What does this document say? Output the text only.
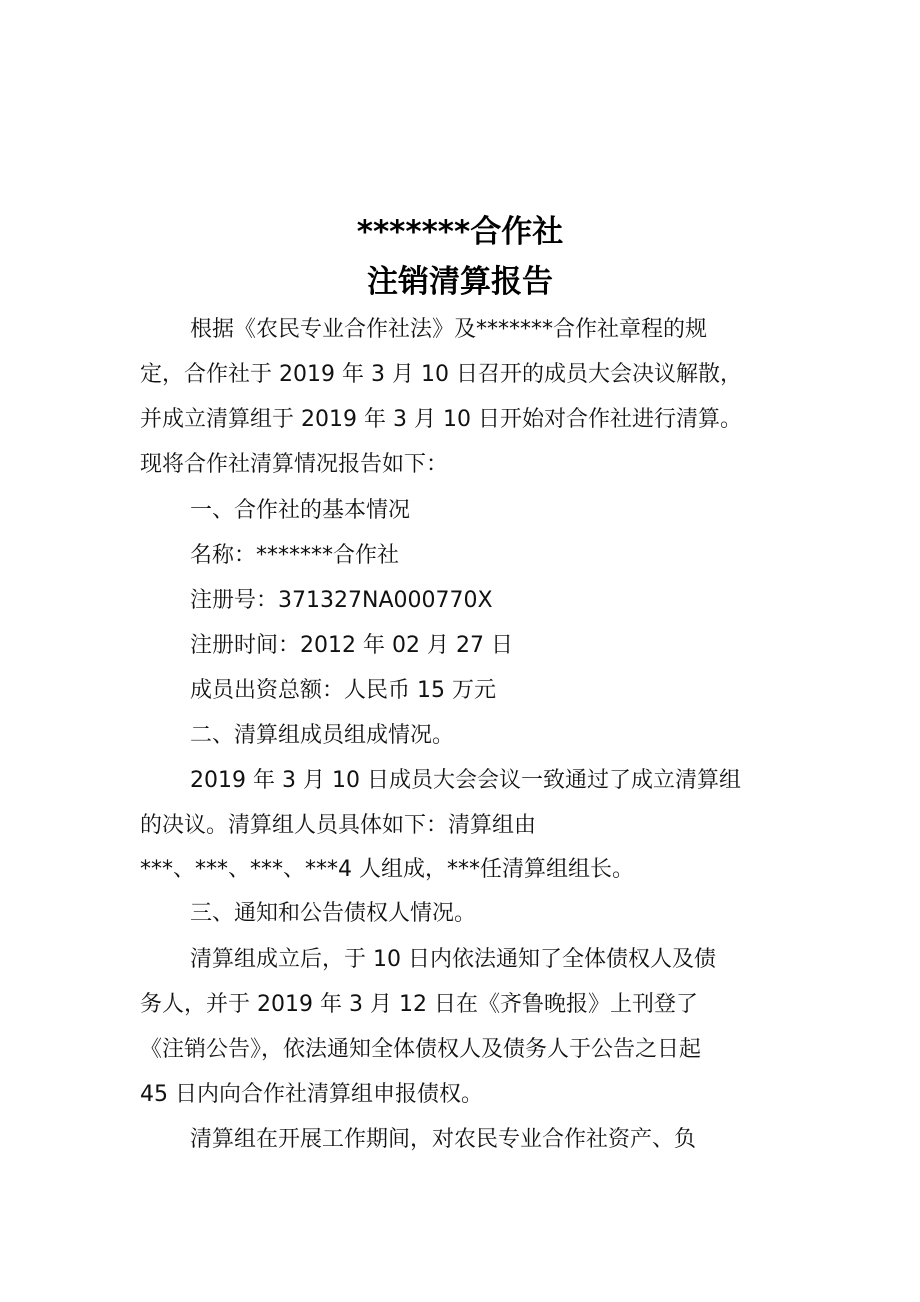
*******合作社
注销清算报告
根据《农民专业合作社法》及*******合作社章程的规
定，合作社于 2019 年 3 月 10 日召开的成员大会决议解散，
并成立清算组于 2019 年 3 月 10 日开始对合作社进行清算。
现将合作社清算情况报告如下：
一、合作社的基本情况
名称：*******合作社
注册号：371327NA000770X
注册时间：2012 年 02 月 27 日
成员出资总额：人民币 15 万元
二、清算组成员组成情况。
2019 年 3 月 10 日成员大会会议一致通过了成立清算组
的决议。清算组人员具体如下：清算组由
***、***、***、***4 人组成，***任清算组组长。
三、通知和公告债权人情况。
清算组成立后，于 10 日内依法通知了全体债权人及债
务人，并于 2019 年 3 月 12 日在《齐鲁晚报》上刊登了
《注销公告》，依法通知全体债权人及债务人于公告之日起
45 日内向合作社清算组申报债权。
清算组在开展工作期间，对农民专业合作社资产、负
